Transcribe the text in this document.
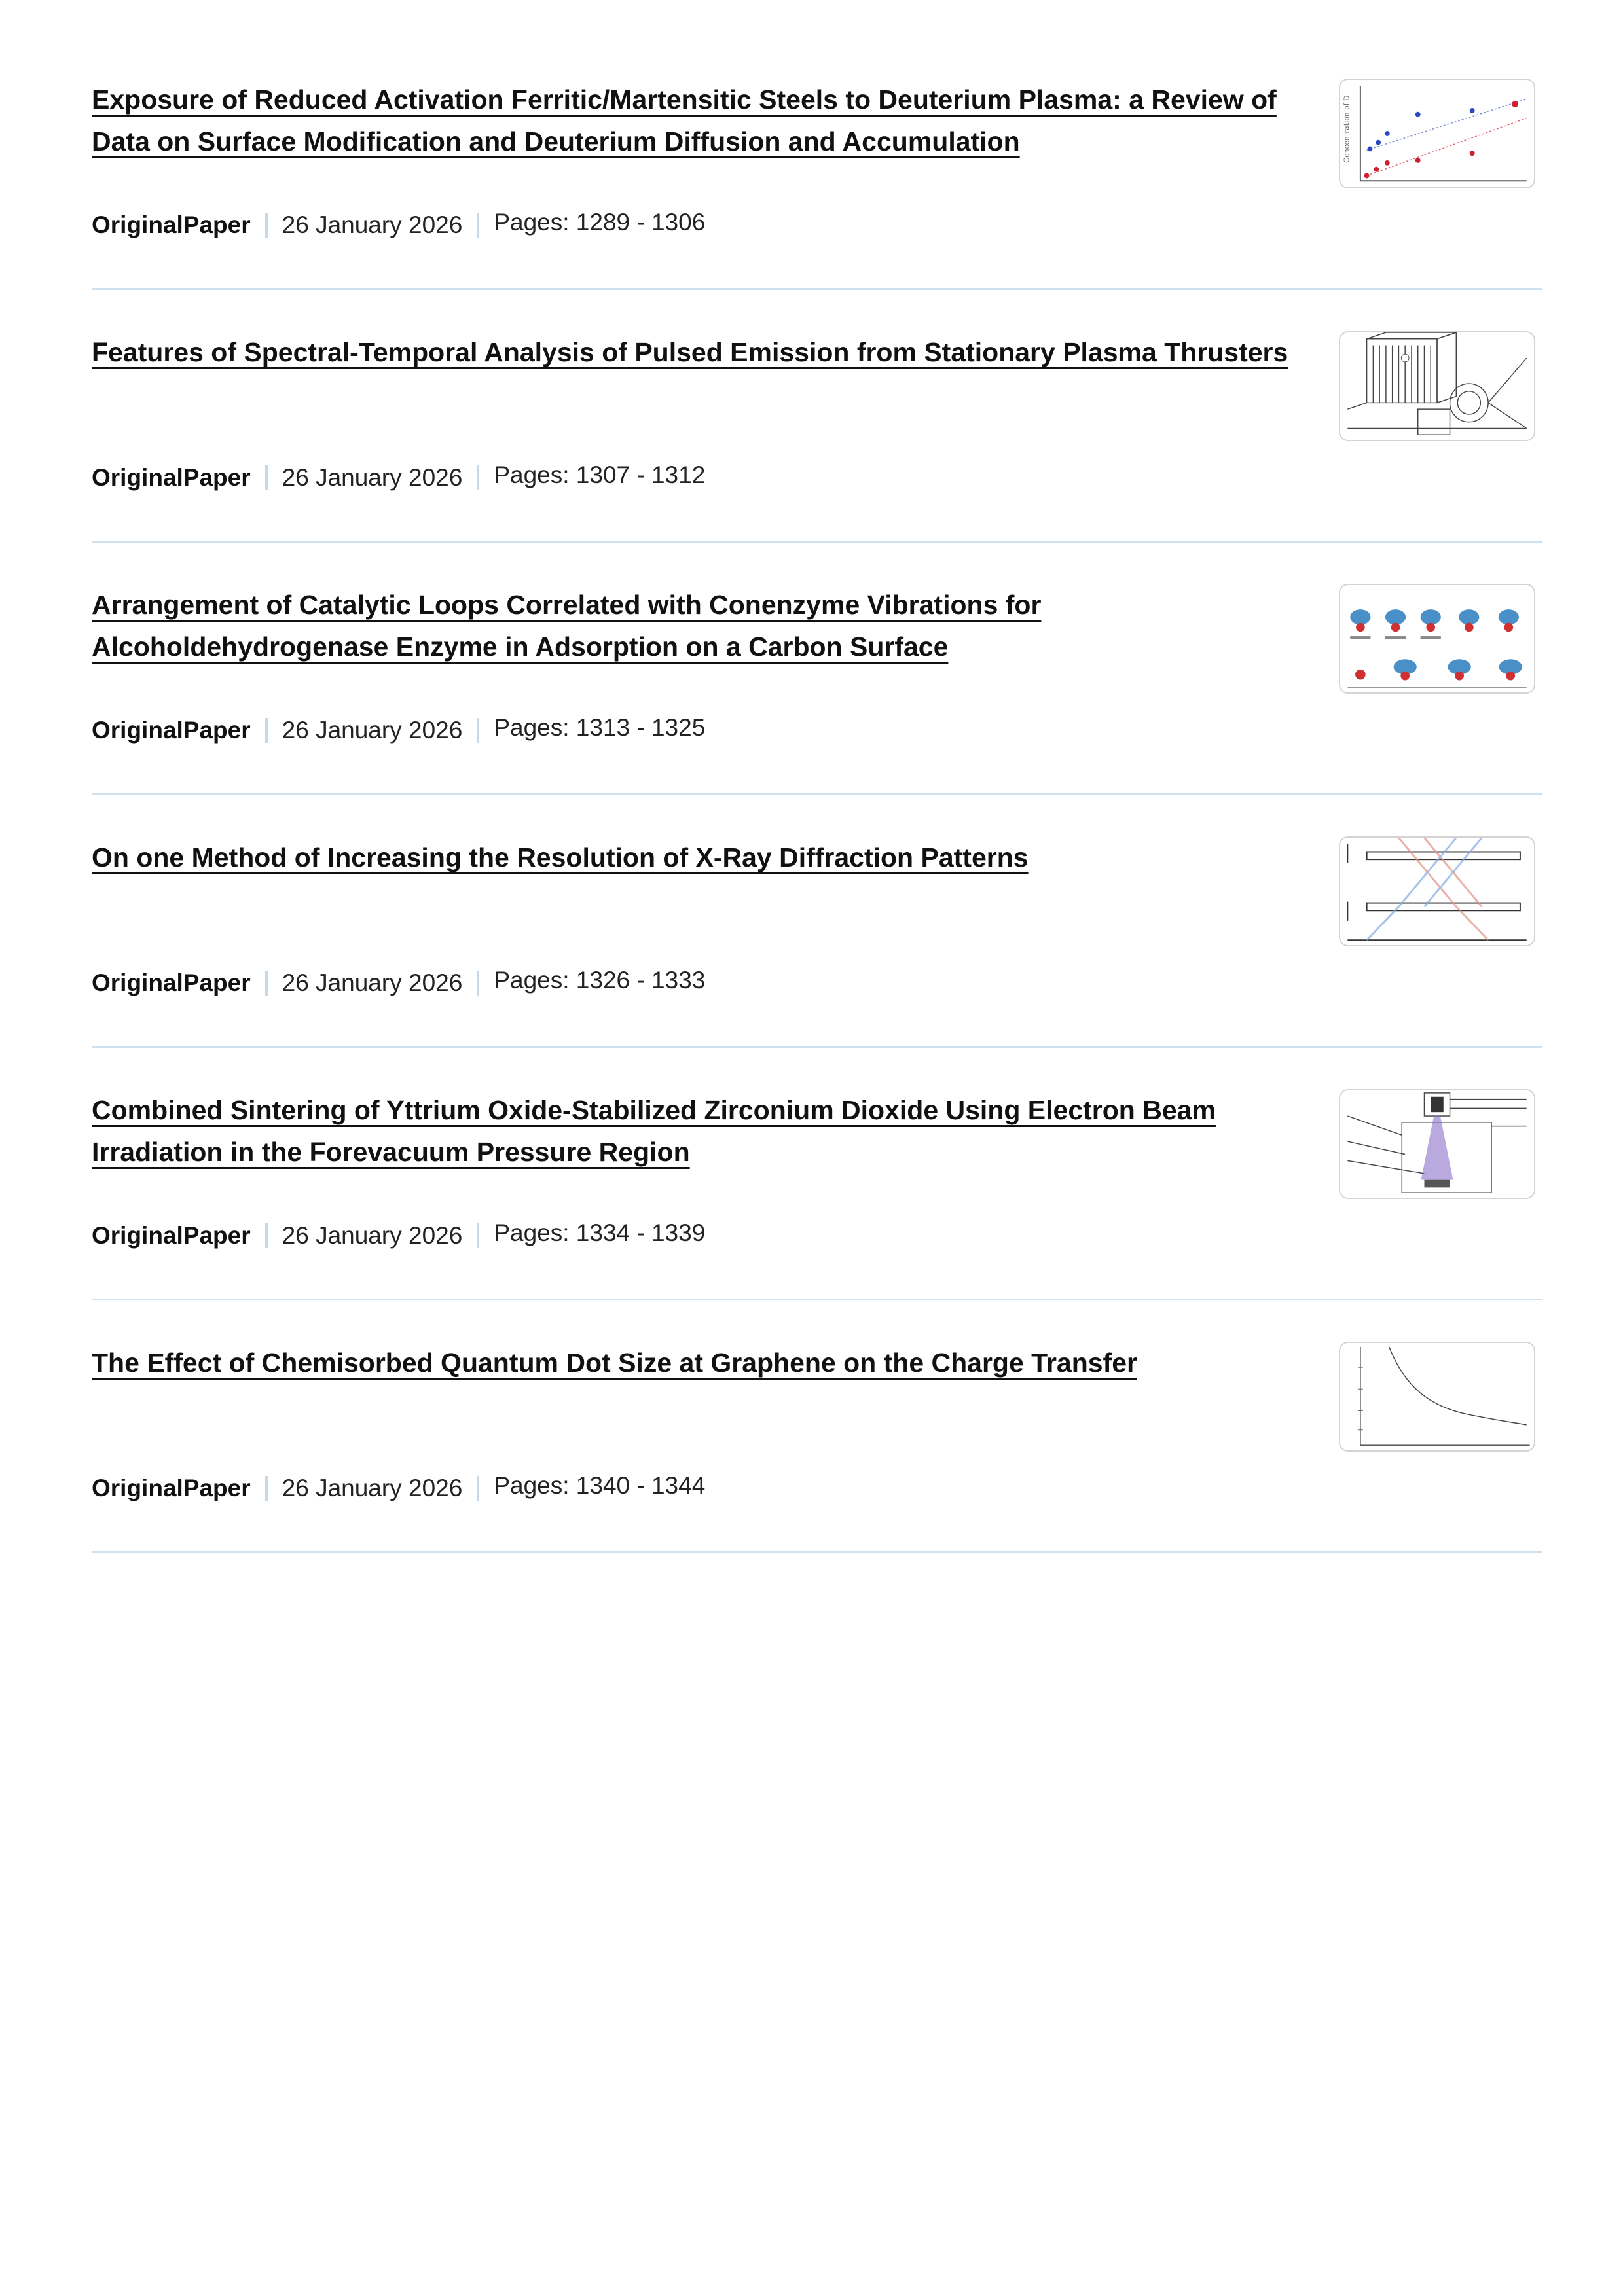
Exposure of Reduced Activation Ferritic/Martensitic Steels to Deuterium Plasma: a Review of Data on Surface Modification and Deuterium Diffusion and Accumulation
OriginalPaper 26 January 2026 Pages: 1289 - 1306
Concentration of D
Features of Spectral-Temporal Analysis of Pulsed Emission from Stationary Plasma Thrusters
OriginalPaper 26 January 2026 Pages: 1307 - 1312
Arrangement of Catalytic Loops Correlated with Conenzyme Vibrations for Alcoholdehydrogenase Enzyme in Adsorption on a Carbon Surface
OriginalPaper 26 January 2026 Pages: 1313 - 1325
On one Method of Increasing the Resolution of X-Ray Diffraction Patterns
OriginalPaper 26 January 2026 Pages: 1326 - 1333
Combined Sintering of Yttrium Oxide-Stabilized Zirconium Dioxide Using Electron Beam Irradiation in the Forevacuum Pressure Region
OriginalPaper 26 January 2026 Pages: 1334 - 1339
The Effect of Chemisorbed Quantum Dot Size at Graphene on the Charge Transfer
OriginalPaper 26 January 2026 Pages: 1340 - 1344
